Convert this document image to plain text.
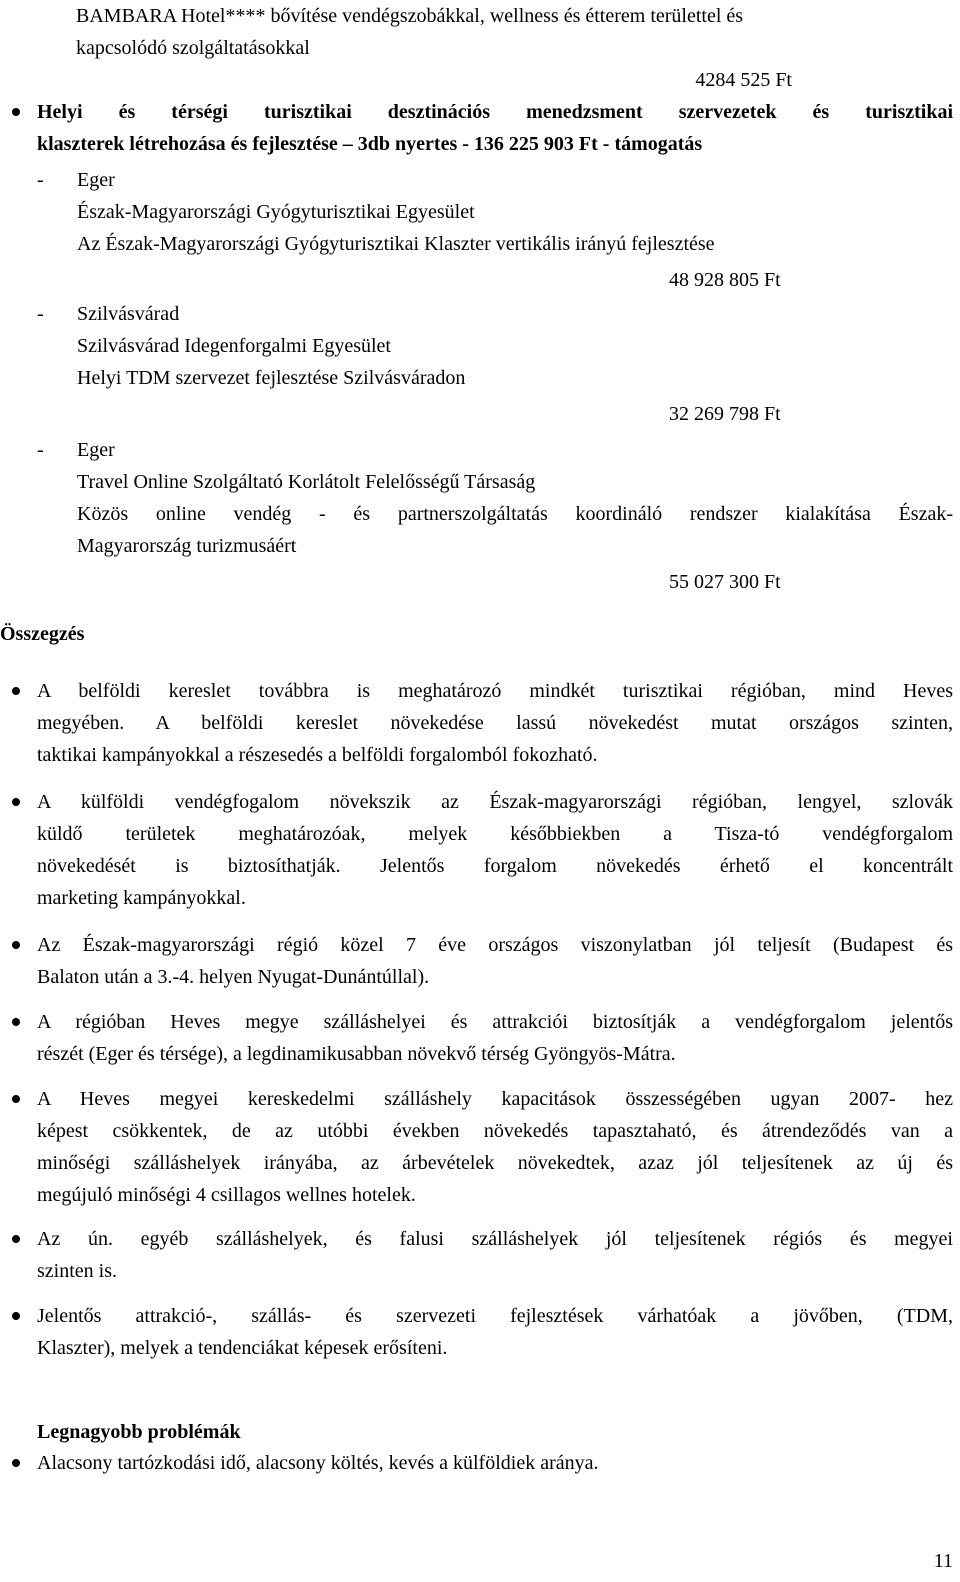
BAMBARA Hotel**** bővítése vendégszobákkal, wellness és étterem területtel és

kapcsolódó szolgáltatásokkal

4284 525 Ft

Helyi és térségi turisztikai desztinációs menedzsment szervezetek és turisztikai

klaszterek létrehozása és fejlesztése – 3db nyertes - 136 225 903 Ft - támogatás

- Eger

Észak-Magyarországi Gyógyturisztikai Egyesület

Az Észak-Magyarországi Gyógyturisztikai Klaszter vertikális irányú fejlesztése

48 928 805 Ft

- Szilvásvárad

Szilvásvárad Idegenforgalmi Egyesület

Helyi TDM szervezet fejlesztése Szilvásváradon

32 269 798 Ft

- Eger

Travel Online Szolgáltató Korlátolt Felelősségű Társaság

Közös online vendég - és partnerszolgáltatás koordináló rendszer kialakítása Észak-

Magyarország turizmusáért

55 027 300 Ft

Összegzés

A belföldi kereslet továbbra is meghatározó mindkét turisztikai régióban, mind Heves

megyében. A belföldi kereslet növekedése lassú növekedést mutat országos szinten,

taktikai kampányokkal a részesedés a belföldi forgalomból fokozható.

A külföldi vendégfogalom növekszik az Észak-magyarországi régióban, lengyel, szlovák

küldő területek meghatározóak, melyek későbbiekben a Tisza-tó vendégforgalom

növekedését is biztosíthatják. Jelentős forgalom növekedés érhető el koncentrált

marketing kampányokkal.

Az Észak-magyarországi régió közel 7 éve országos viszonylatban jól teljesít (Budapest és

Balaton után a 3.-4. helyen Nyugat-Dunántúllal).

A régióban Heves megye szálláshelyei és attrakciói biztosítják a vendégforgalom jelentős

részét (Eger és térsége), a legdinamikusabban növekvő térség Gyöngyös-Mátra.

A Heves megyei kereskedelmi szálláshely kapacitások összességében ugyan 2007- hez

képest csökkentek, de az utóbbi években növekedés tapasztaható, és átrendeződés van a

minőségi szálláshelyek irányába, az árbevételek növekedtek, azaz jól teljesítenek az új és

megújuló minőségi 4 csillagos wellnes hotelek.

Az ún. egyéb szálláshelyek, és falusi szálláshelyek jól teljesítenek régiós és megyei

szinten is.

Jelentős attrakció-, szállás- és szervezeti fejlesztések várhatóak a jövőben, (TDM,

Klaszter), melyek a tendenciákat képesek erősíteni.

Legnagyobb problémák

Alacsony tartózkodási idő, alacsony költés, kevés a külföldiek aránya.

11
